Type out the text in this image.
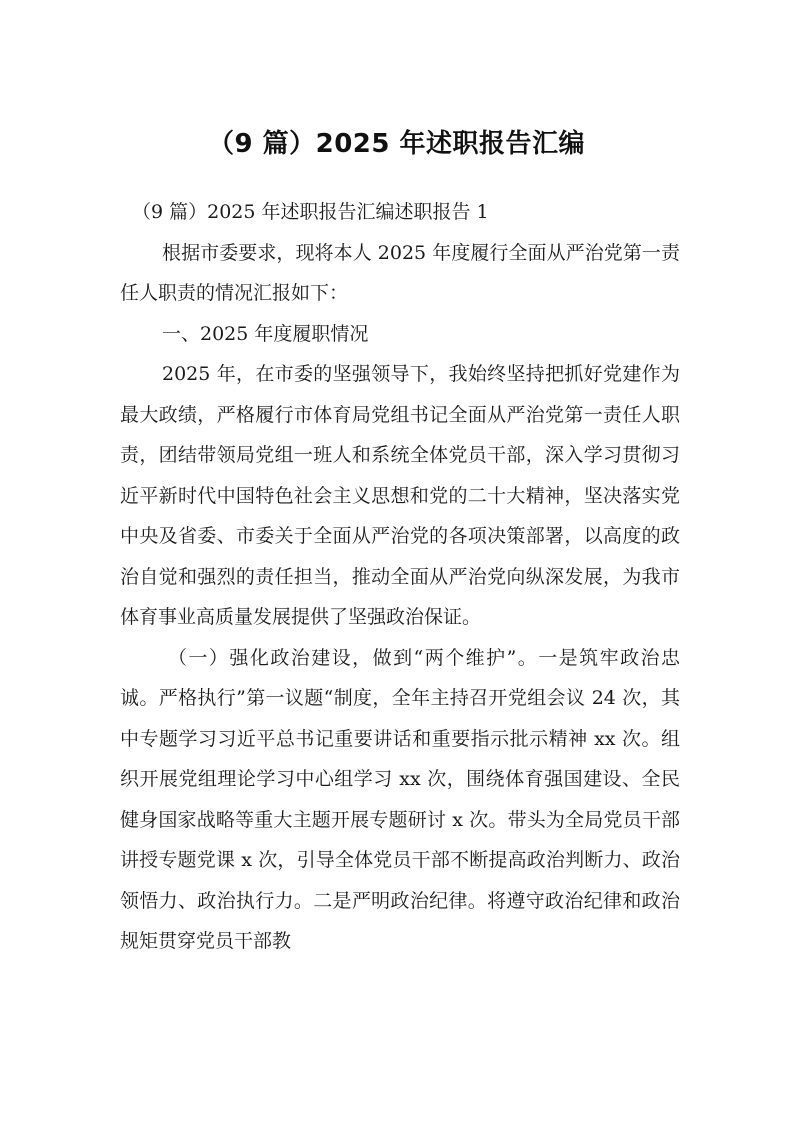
（9 篇）2025 年述职报告汇编

（9 篇）2025 年述职报告汇编述职报告 1

根据市委要求，现将本人 2025 年度履行全面从严治党第一责任人职责的情况汇报如下：

一、2025 年度履职情况

2025 年，在市委的坚强领导下，我始终坚持把抓好党建作为最大政绩，严格履行市体育局党组书记全面从严治党第一责任人职责，团结带领局党组一班人和系统全体党员干部，深入学习贯彻习近平新时代中国特色社会主义思想和党的二十大精神，坚决落实党中央及省委、市委关于全面从严治党的各项决策部署，以高度的政治自觉和强烈的责任担当，推动全面从严治党向纵深发展，为我市体育事业高质量发展提供了坚强政治保证。

（一）强化政治建设，做到“两个维护”。一是筑牢政治忠诚。严格执行”第一议题“制度，全年主持召开党组会议 24 次，其中专题学习习近平总书记重要讲话和重要指示批示精神 xx 次。组织开展党组理论学习中心组学习 xx 次，围绕体育强国建设、全民健身国家战略等重大主题开展专题研讨 x 次。带头为全局党员干部讲授专题党课 x 次，引导全体党员干部不断提高政治判断力、政治领悟力、政治执行力。二是严明政治纪律。将遵守政治纪律和政治规矩贯穿党员干部教
